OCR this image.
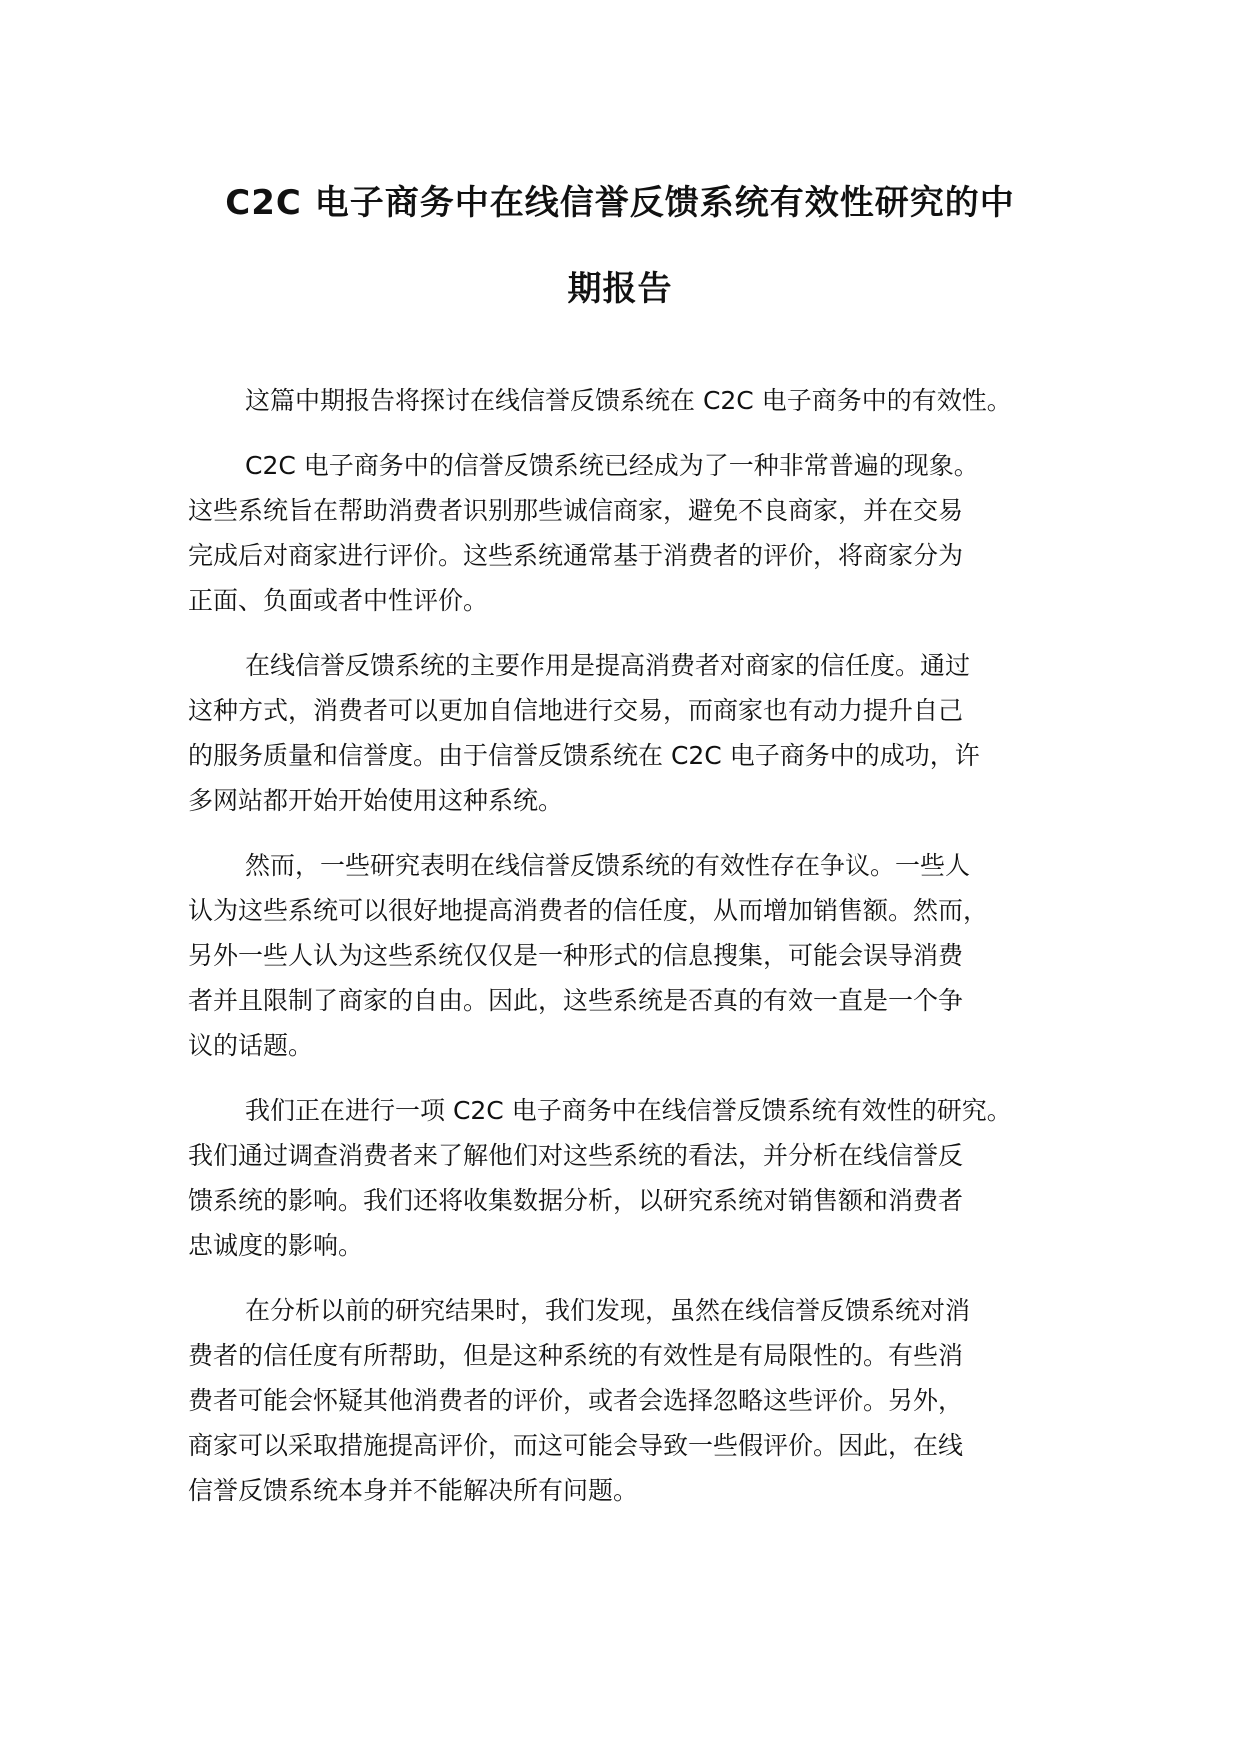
C2C 电子商务中在线信誉反馈系统有效性研究的中
期报告

这篇中期报告将探讨在线信誉反馈系统在 C2C 电子商务中的有效性。

C2C 电子商务中的信誉反馈系统已经成为了一种非常普遍的现象。
这些系统旨在帮助消费者识别那些诚信商家，避免不良商家，并在交易
完成后对商家进行评价。这些系统通常基于消费者的评价，将商家分为
正面、负面或者中性评价。

在线信誉反馈系统的主要作用是提高消费者对商家的信任度。通过
这种方式，消费者可以更加自信地进行交易，而商家也有动力提升自己
的服务质量和信誉度。由于信誉反馈系统在 C2C 电子商务中的成功，许
多网站都开始开始使用这种系统。

然而，一些研究表明在线信誉反馈系统的有效性存在争议。一些人
认为这些系统可以很好地提高消费者的信任度，从而增加销售额。然而，
另外一些人认为这些系统仅仅是一种形式的信息搜集，可能会误导消费
者并且限制了商家的自由。因此，这些系统是否真的有效一直是一个争
议的话题。

我们正在进行一项 C2C 电子商务中在线信誉反馈系统有效性的研究。
我们通过调查消费者来了解他们对这些系统的看法，并分析在线信誉反
馈系统的影响。我们还将收集数据分析，以研究系统对销售额和消费者
忠诚度的影响。

在分析以前的研究结果时，我们发现，虽然在线信誉反馈系统对消
费者的信任度有所帮助，但是这种系统的有效性是有局限性的。有些消
费者可能会怀疑其他消费者的评价，或者会选择忽略这些评价。另外，
商家可以采取措施提高评价，而这可能会导致一些假评价。因此，在线
信誉反馈系统本身并不能解决所有问题。
